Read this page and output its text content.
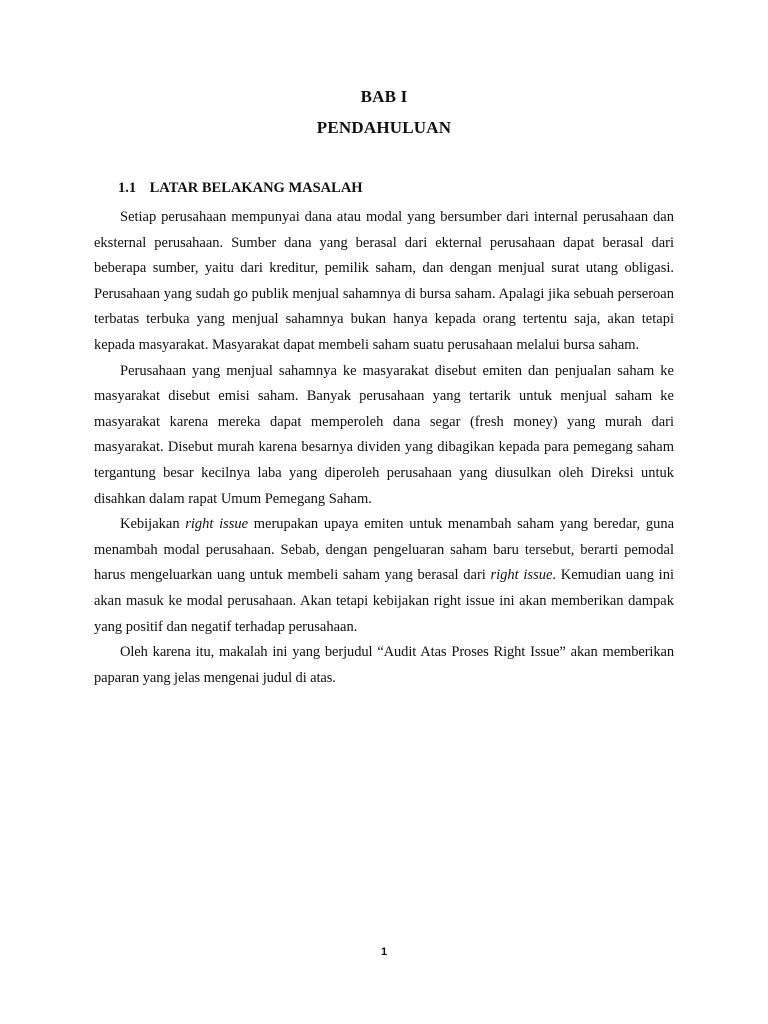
BAB I
PENDAHULUAN
1.1 LATAR BELAKANG MASALAH

Setiap perusahaan mempunyai dana atau modal yang bersumber dari internal perusahaan dan eksternal perusahaan. Sumber dana yang berasal dari ekternal perusahaan dapat berasal dari beberapa sumber, yaitu dari kreditur, pemilik saham, dan dengan menjual surat utang obligasi. Perusahaan yang sudah go publik menjual sahamnya di bursa saham. Apalagi jika sebuah perseroan terbatas terbuka yang menjual sahamnya bukan hanya kepada orang tertentu saja, akan tetapi kepada masyarakat. Masyarakat dapat membeli saham suatu perusahaan melalui bursa saham.

Perusahaan yang menjual sahamnya ke masyarakat disebut emiten dan penjualan saham ke masyarakat disebut emisi saham. Banyak perusahaan yang tertarik untuk menjual saham ke masyarakat karena mereka dapat memperoleh dana segar (fresh money) yang murah dari masyarakat. Disebut murah karena besarnya dividen yang dibagikan kepada para pemegang saham tergantung besar kecilnya laba yang diperoleh perusahaan yang diusulkan oleh Direksi untuk disahkan dalam rapat Umum Pemegang Saham.

Kebijakan right issue merupakan upaya emiten untuk menambah saham yang beredar, guna menambah modal perusahaan. Sebab, dengan pengeluaran saham baru tersebut, berarti pemodal harus mengeluarkan uang untuk membeli saham yang berasal dari right issue. Kemudian uang ini akan masuk ke modal perusahaan. Akan tetapi kebijakan right issue ini akan memberikan dampak yang positif dan negatif terhadap perusahaan.

Oleh karena itu, makalah ini yang berjudul “Audit Atas Proses Right Issue” akan memberikan paparan yang jelas mengenai judul di atas.

1
